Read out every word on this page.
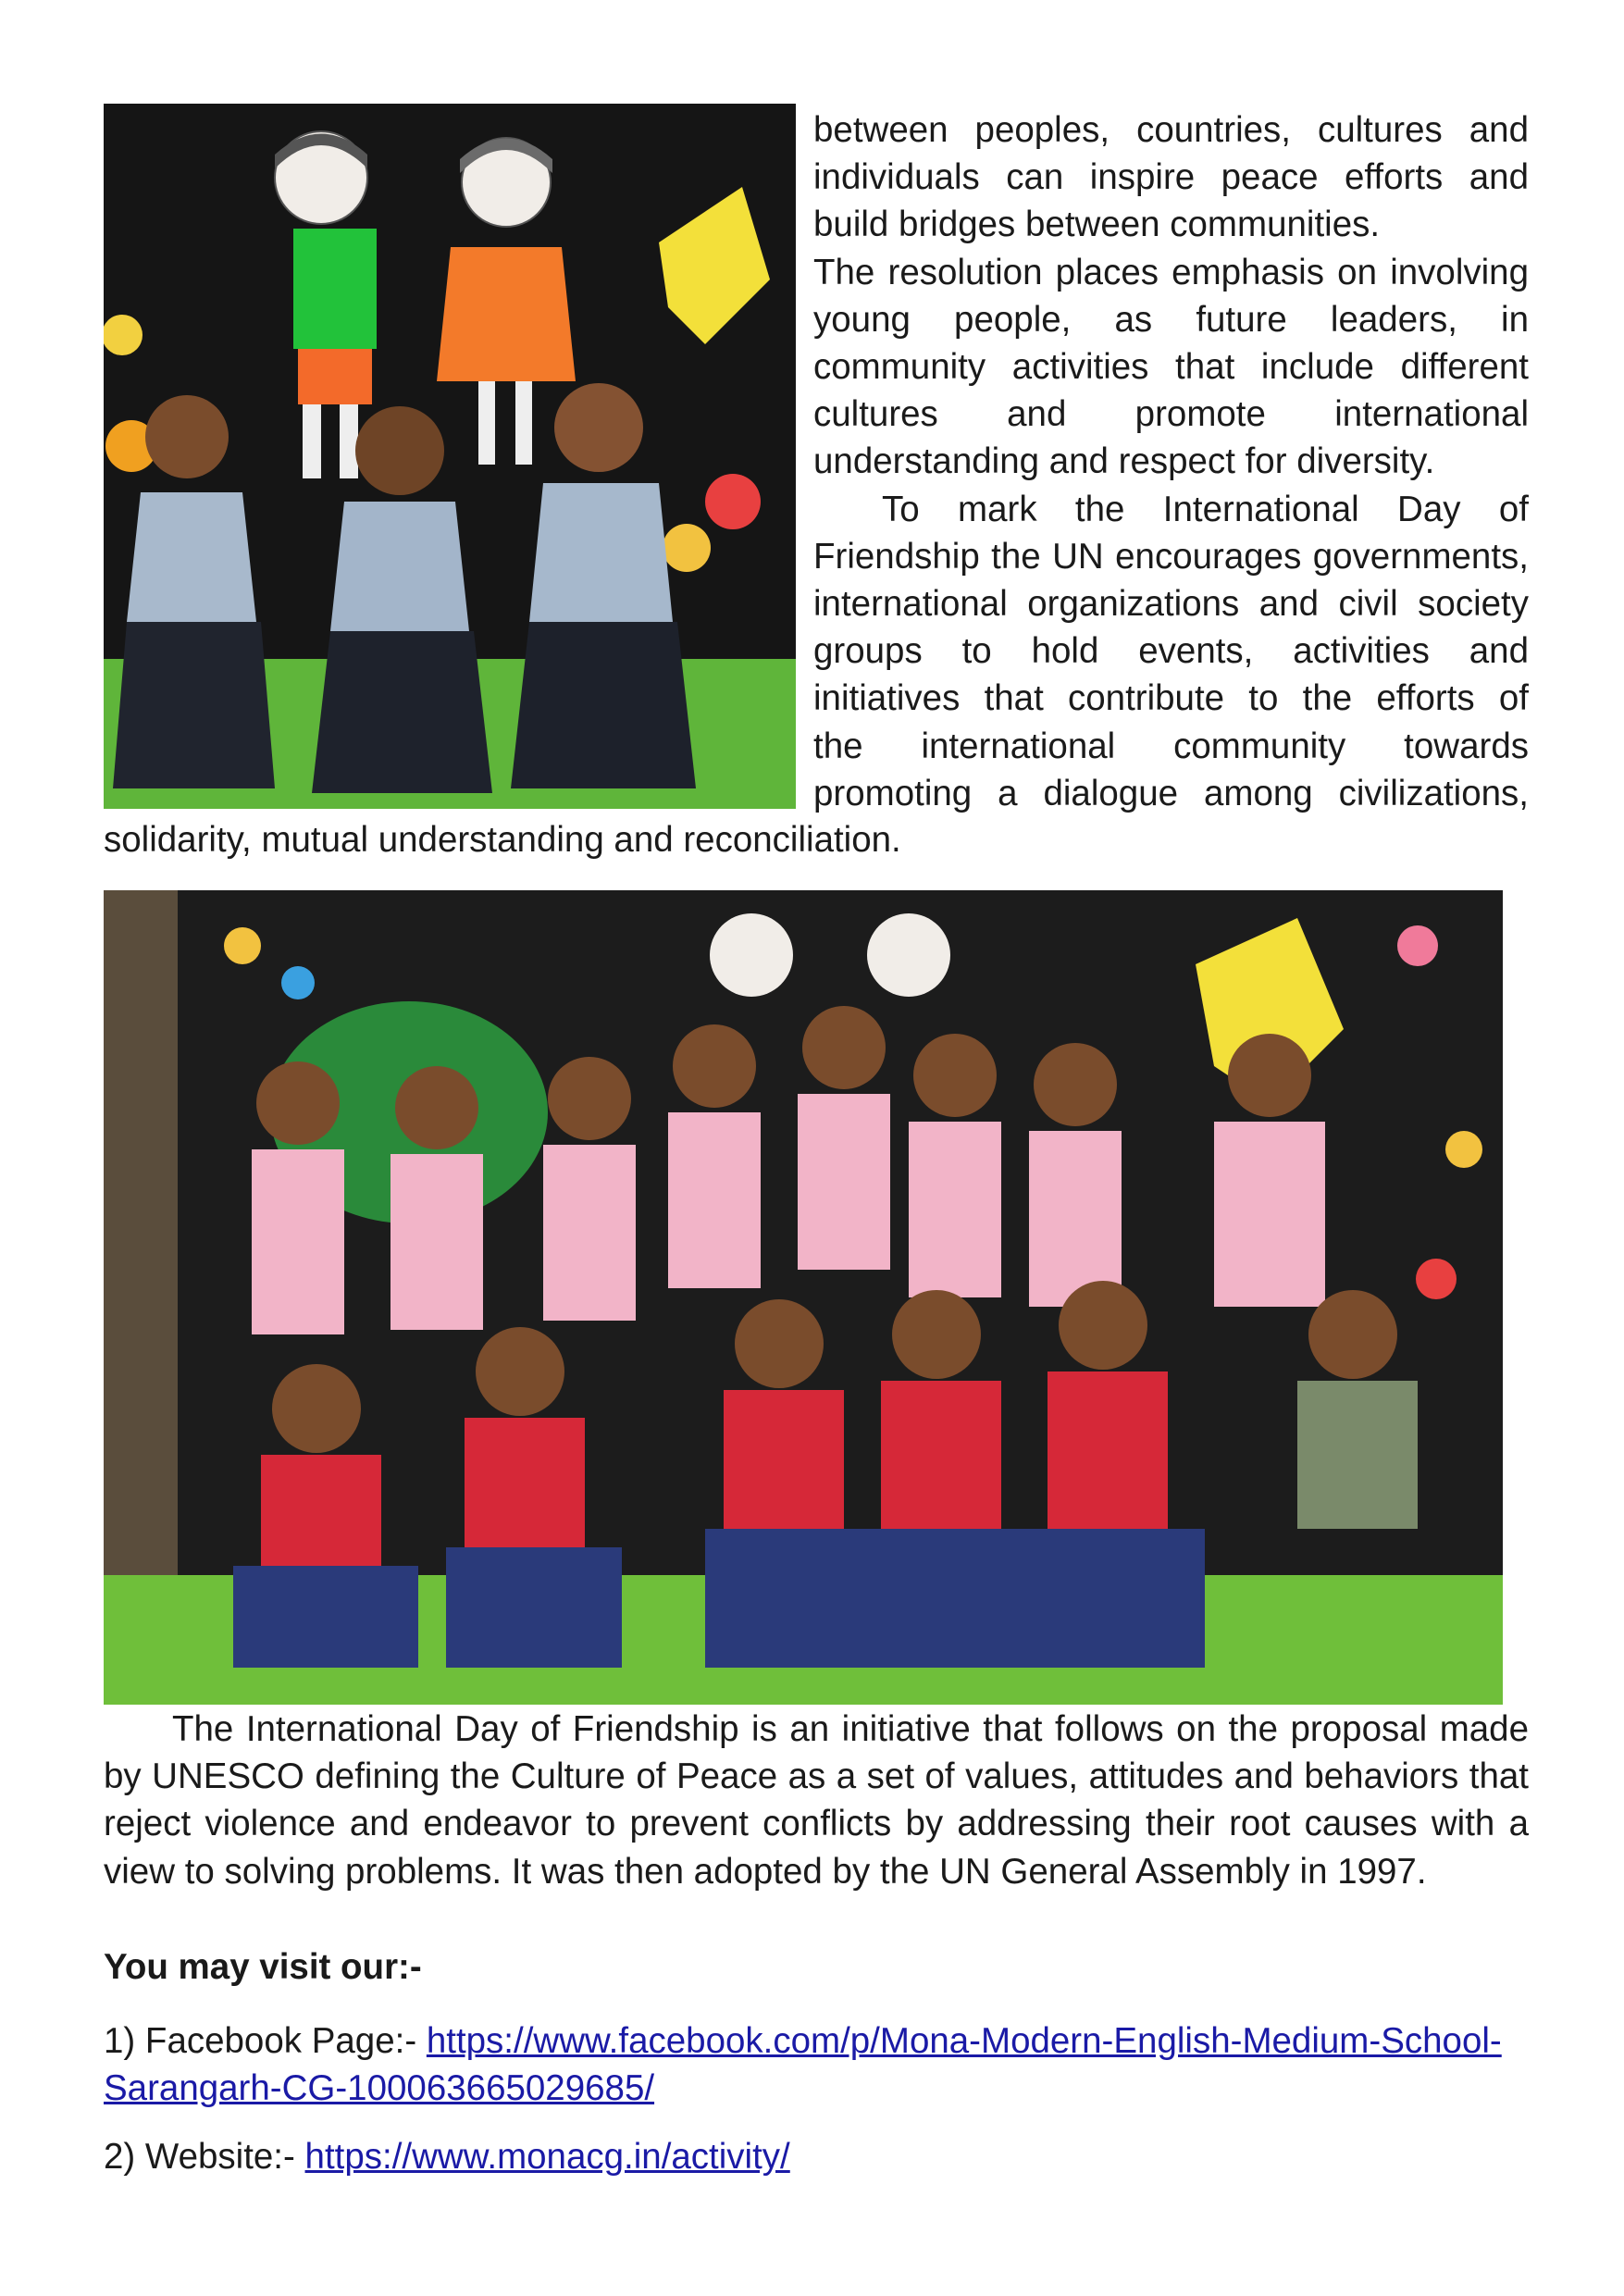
between peoples, countries, cultures and
individuals can inspire peace efforts and
build bridges between communities.
The resolution places emphasis on involving
young people, as future leaders, in
community activities that include different
cultures and promote international
understanding and respect for diversity.
To mark the International Day of
Friendship the UN encourages governments,
international organizations and civil society
groups to hold events, activities and
initiatives that contribute to the efforts of
the international community towards
promoting a dialogue among civilizations,
solidarity, mutual understanding and reconciliation.
The International Day of Friendship is an initiative that follows on the proposal made
by UNESCO defining the Culture of Peace as a set of values, attitudes and behaviors that
reject violence and endeavor to prevent conflicts by addressing their root causes with a
view to solving problems. It was then adopted by the UN General Assembly in 1997.

You may visit our:-

1) Facebook Page:- https://www.facebook.com/p/Mona-Modern-English-Medium-School-
Sarangarh-CG-100063665029685/
2) Website:- https://www.monacg.in/activity/
